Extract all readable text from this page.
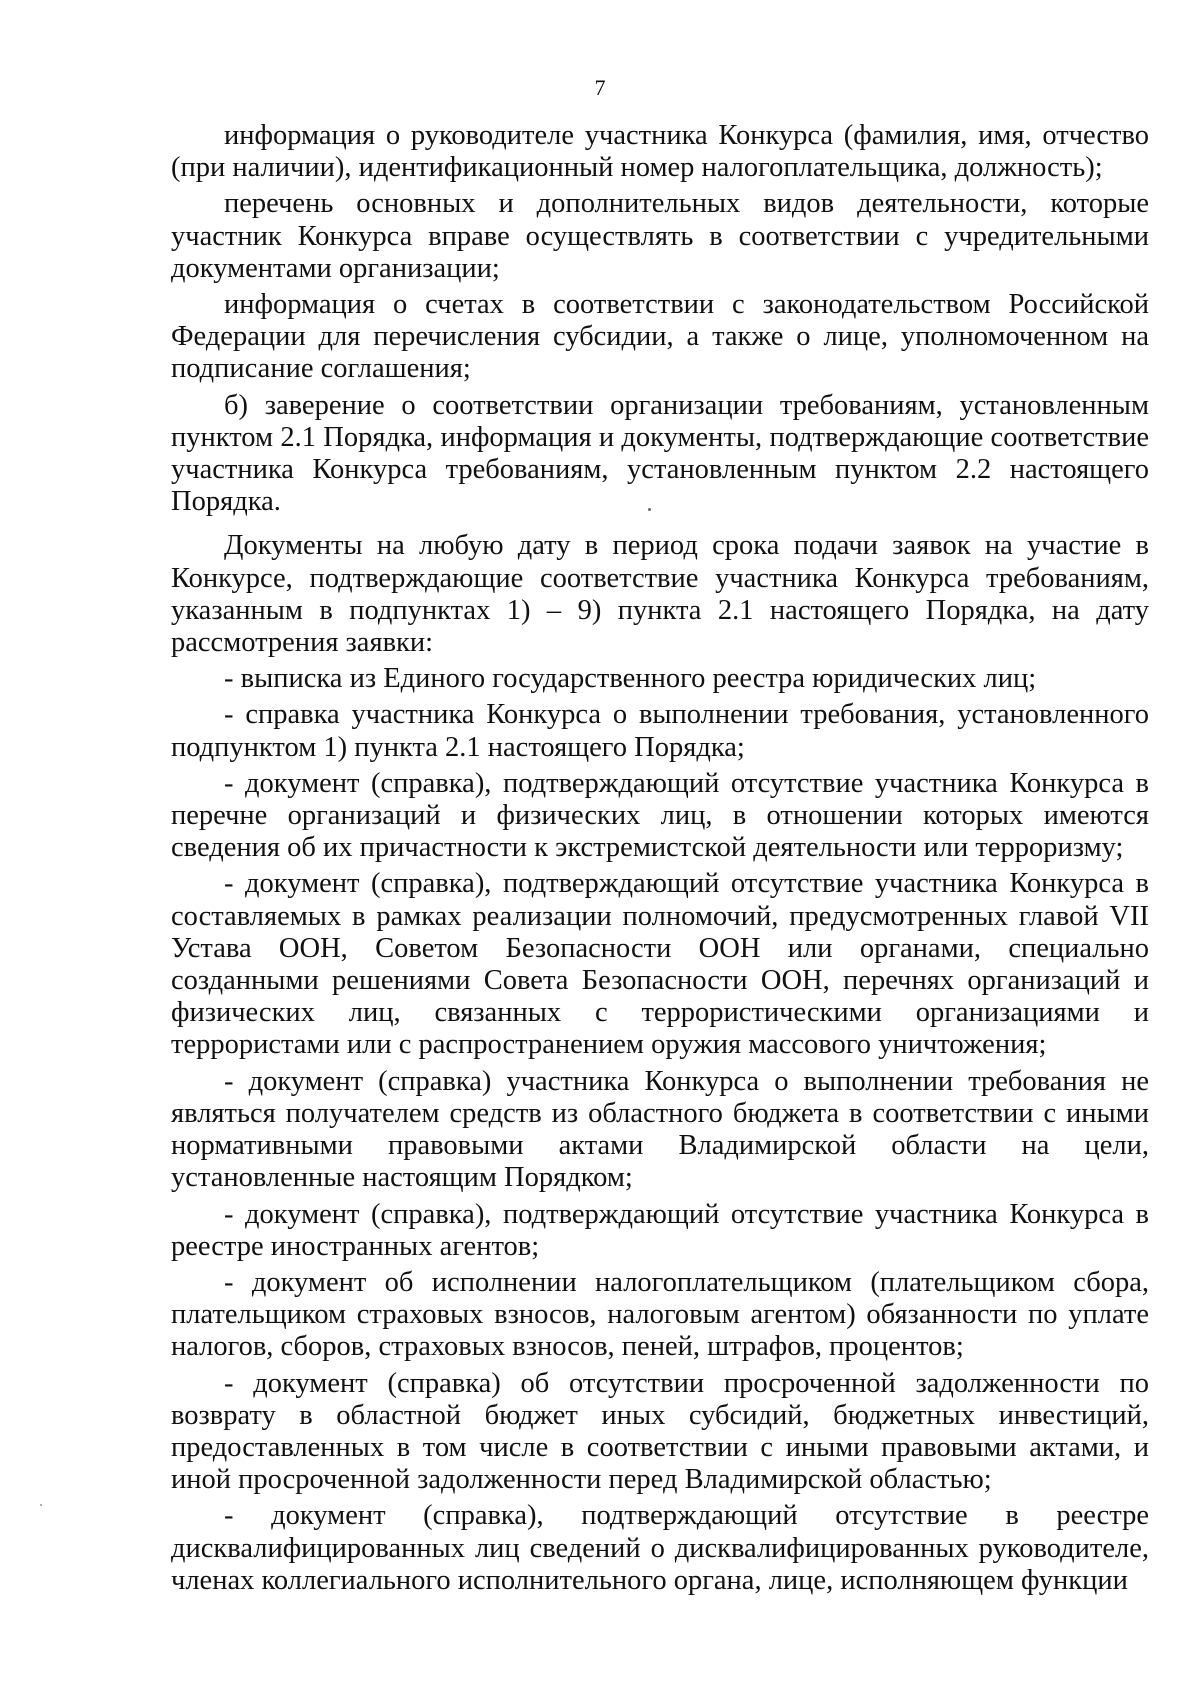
7

информация о руководителе участника Конкурса (фамилия, имя, отчество (при наличии), идентификационный номер налогоплательщика, должность);

перечень основных и дополнительных видов деятельности, которые участник Конкурса вправе осуществлять в соответствии с учредительными документами организации;

информация о счетах в соответствии с законодательством Российской Федерации для перечисления субсидии, а также о лице, уполномоченном на подписание соглашения;

б) заверение о соответствии организации требованиям, установленным пунктом 2.1 Порядка, информация и документы, подтверждающие соответствие участника Конкурса требованиям, установленным пунктом 2.2 настоящего Порядка.

Документы на любую дату в период срока подачи заявок на участие в Конкурсе, подтверждающие соответствие участника Конкурса требованиям, указанным в подпунктах 1) – 9) пункта 2.1 настоящего Порядка, на дату рассмотрения заявки:

- выписка из Единого государственного реестра юридических лиц;

- справка участника Конкурса о выполнении требования, установленного подпунктом 1) пункта 2.1 настоящего Порядка;

- документ (справка), подтверждающий отсутствие участника Конкурса в перечне организаций и физических лиц, в отношении которых имеются сведения об их причастности к экстремистской деятельности или терроризму;

- документ (справка), подтверждающий отсутствие участника Конкурса в составляемых в рамках реализации полномочий, предусмотренных главой VII Устава ООН, Советом Безопасности ООН или органами, специально созданными решениями Совета Безопасности ООН, перечнях организаций и физических лиц, связанных с террористическими организациями и террористами или с распространением оружия массового уничтожения;

- документ (справка) участника Конкурса о выполнении требования не являться получателем средств из областного бюджета в соответствии с иными нормативными правовыми актами Владимирской области на цели, установленные настоящим Порядком;

- документ (справка), подтверждающий отсутствие участника Конкурса в реестре иностранных агентов;

- документ об исполнении налогоплательщиком (плательщиком сбора, плательщиком страховых взносов, налоговым агентом) обязанности по уплате налогов, сборов, страховых взносов, пеней, штрафов, процентов;

- документ (справка) об отсутствии просроченной задолженности по возврату в областной бюджет иных субсидий, бюджетных инвестиций, предоставленных в том числе в соответствии с иными правовыми актами, и иной просроченной задолженности перед Владимирской областью;

- документ (справка), подтверждающий отсутствие в реестре дисквалифицированных лиц сведений о дисквалифицированных руководителе, членах коллегиального исполнительного органа, лице, исполняющем функции
